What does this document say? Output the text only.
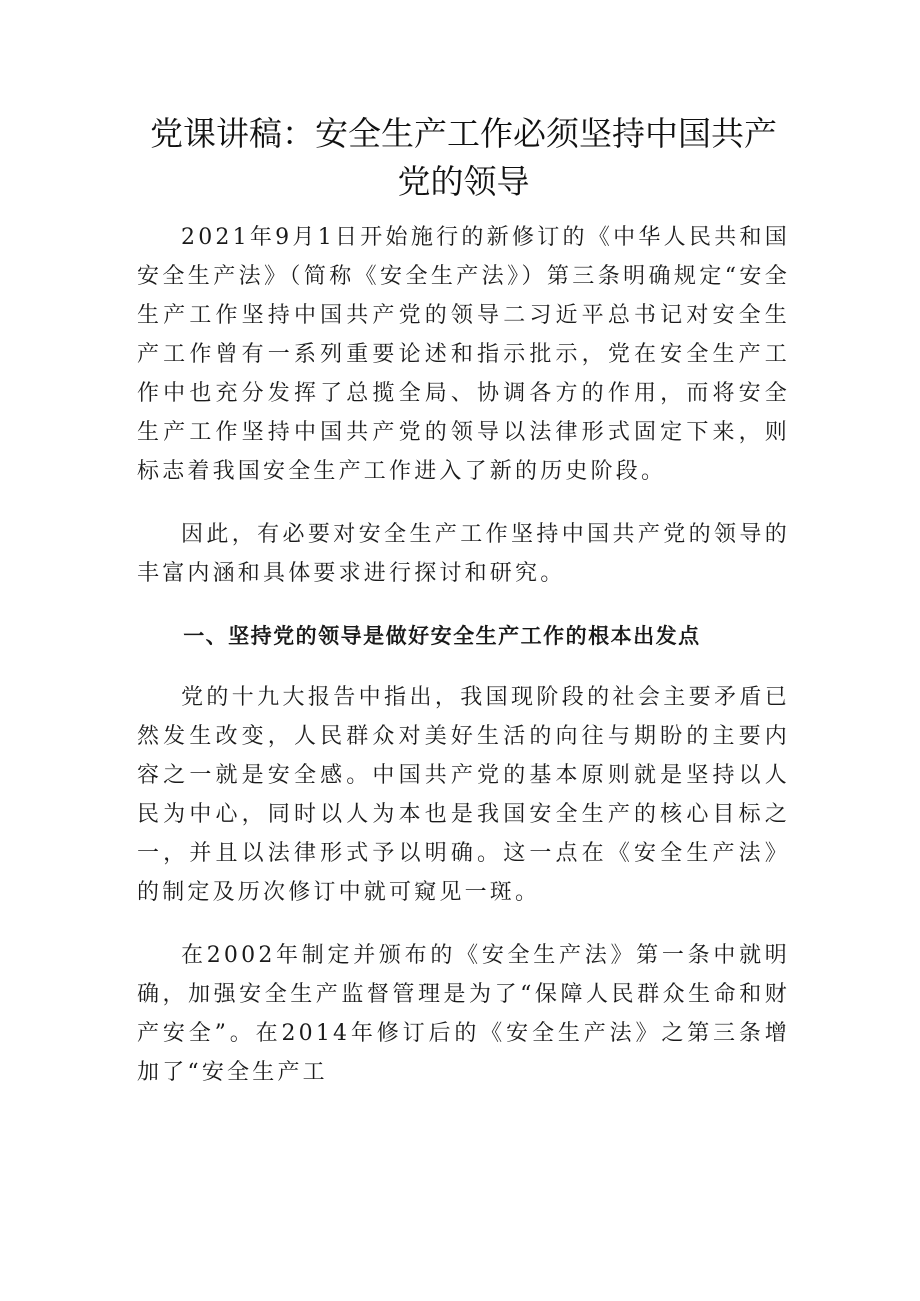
党课讲稿：安全生产工作必须坚持中国共产
党的领导

2021年9月1日开始施行的新修订的《中华人民共和国安全生产法》（简称《安全生产法》）第三条明确规定“安全生产工作坚持中国共产党的领导二习近平总书记对安全生产工作曾有一系列重要论述和指示批示，党在安全生产工作中也充分发挥了总揽全局、协调各方的作用，而将安全生产工作坚持中国共产党的领导以法律形式固定下来，则标志着我国安全生产工作进入了新的历史阶段。

因此，有必要对安全生产工作坚持中国共产党的领导的丰富内涵和具体要求进行探讨和研究。

一、坚持党的领导是做好安全生产工作的根本出发点

党的十九大报告中指出，我国现阶段的社会主要矛盾已然发生改变，人民群众对美好生活的向往与期盼的主要内容之一就是安全感。中国共产党的基本原则就是坚持以人民为中心，同时以人为本也是我国安全生产的核心目标之一，并且以法律形式予以明确。这一点在《安全生产法》的制定及历次修订中就可窥见一斑。

在2002年制定并颁布的《安全生产法》第一条中就明确，加强安全生产监督管理是为了“保障人民群众生命和财产安全”。在2014年修订后的《安全生产法》之第三条增加了“安全生产工
